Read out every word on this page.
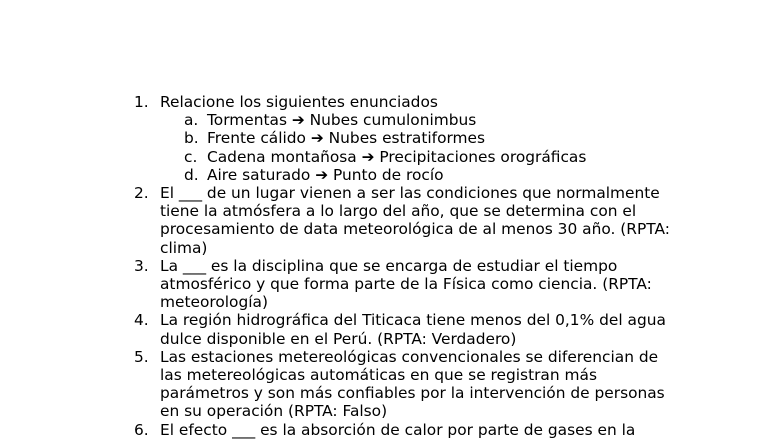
1. Relacione los siguientes enunciados
a. Tormentas ➔ Nubes cumulonimbus
b. Frente cálido ➔ Nubes estratiformes
c. Cadena montañosa ➔ Precipitaciones orográficas
d. Aire saturado ➔ Punto de rocío
2. El ___ de un lugar vienen a ser las condiciones que normalmente tiene la atmósfera a lo largo del año, que se determina con el procesamiento de data meteorológica de al menos 30 año. (RPTA: clima)
3. La ___ es la disciplina que se encarga de estudiar el tiempo atmosférico y que forma parte de la Física como ciencia. (RPTA: meteorología)
4. La región hidrográfica del Titicaca tiene menos del 0,1% del agua dulce disponible en el Perú. (RPTA: Verdadero)
5. Las estaciones metereológicas convencionales se diferencian de las metereológicas automáticas en que se registran más parámetros y son más confiables por la intervención de personas en su operación (RPTA: Falso)
6. El efecto ___ es la absorción de calor por parte de gases en la
